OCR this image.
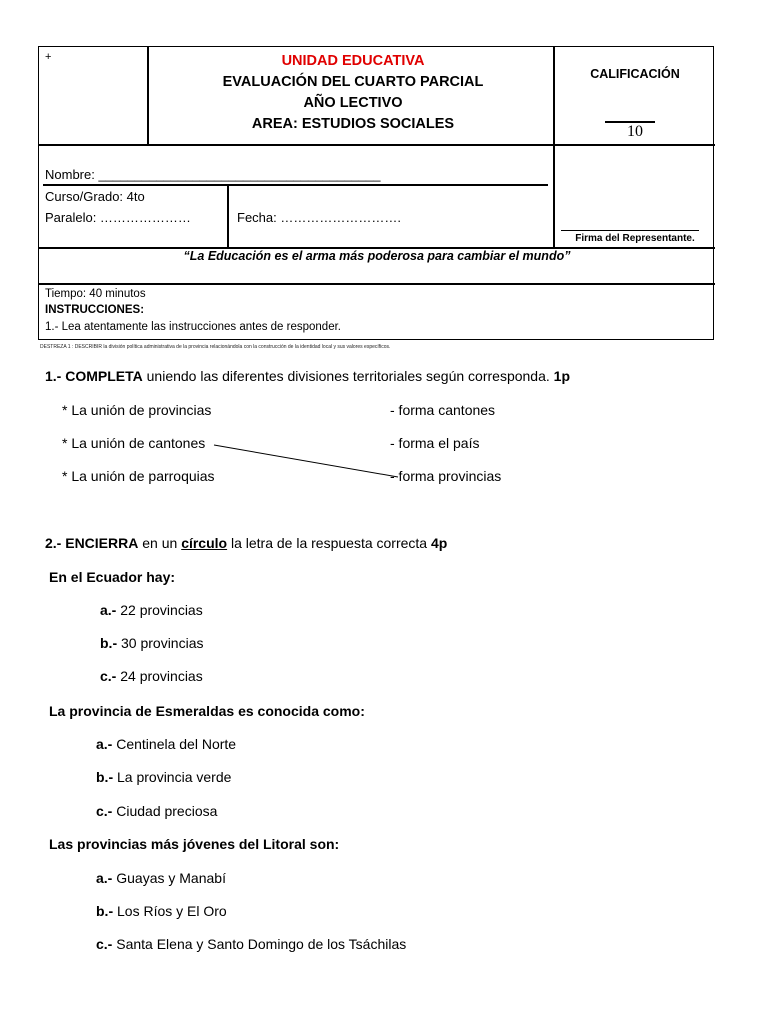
+	UNIDAD EDUCATIVA
EVALUACIÓN DEL CUARTO PARCIAL
AÑO LECTIVO
AREA: ESTUDIOS SOCIALES
CALIFICACIÓN
10
Nombre: _______________________________________
Curso/Grado: 4to
Paralelo: …………………	Fecha: ……………………….
Firma del Representante.
“La Educación es el arma más poderosa para cambiar el mundo”
Tiempo: 40 minutos
INSTRUCCIONES:
1.- Lea atentamente las instrucciones antes de responder.
DESTREZA 1 : DESCRIBIR la división política administrativa de la provincia relacionándola con la construcción de la identidad local y sus valores específicos.
1.- COMPLETA uniendo las diferentes divisiones territoriales según corresponda. 1p
* La unión de provincias
* La unión de cantones
* La unión de parroquias
- forma cantones
- forma el país
- forma provincias
2.- ENCIERRA en un círculo la letra de la respuesta correcta 4p
En el Ecuador hay:
a.- 22 provincias
b.- 30 provincias
c.- 24 provincias
La provincia de Esmeraldas es conocida como:
a.- Centinela del Norte
b.- La provincia verde
c.- Ciudad preciosa
Las provincias más jóvenes del Litoral son:
a.- Guayas y Manabí
b.- Los Ríos y El Oro
c.- Santa Elena y Santo Domingo de los Tsáchilas
